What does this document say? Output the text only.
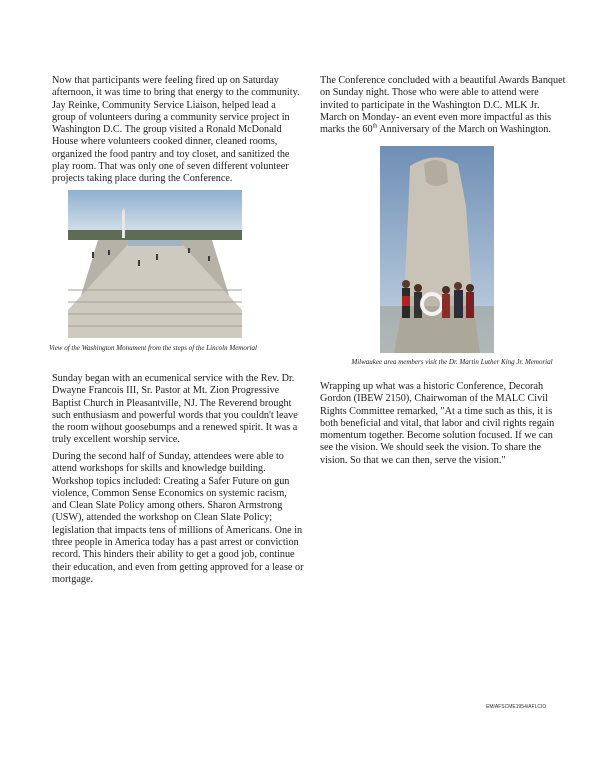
Now that participants were feeling fired up on Saturday afternoon, it was time to bring that energy to the community. Jay Reinke, Community Service Liaison, helped lead a group of volunteers during a community service project in Washington D.C. The group visited a Ronald McDonald House where volunteers cooked dinner, cleaned rooms, organized the food pantry and toy closet, and sanitized the play room. That was only one of seven different volunteer projects taking place during the Conference.

View of the Washington Monument from the steps of the Lincoln Memorial

Sunday began with an ecumenical service with the Rev. Dr. Dwayne Francois III, Sr. Pastor at Mt. Zion Progressive Baptist Church in Pleasantville, NJ. The Reverend brought such enthusiasm and powerful words that you couldn't leave the room without goosebumps and a renewed spirit. It was a truly excellent worship service.

During the second half of Sunday, attendees were able to attend workshops for skills and knowledge building. Workshop topics included: Creating a Safer Future on gun violence, Common Sense Economics on systemic racism, and Clean Slate Policy among others. Sharon Armstrong (USW), attended the workshop on Clean Slate Policy; legislation that impacts tens of millions of Americans. One in three people in America today has a past arrest or conviction record. This hinders their ability to get a good job, continue their education, and even from getting approved for a lease or mortgage.

The Conference concluded with a beautiful Awards Banquet on Sunday night. Those who were able to attend were invited to participate in the Washington D.C. MLK Jr. March on Monday- an event even more impactful as this marks the 60th Anniversary of the March on Washington.

Milwaukee area members visit the Dr. Martin Luther King Jr. Memorial

Wrapping up what was a historic Conference, Decorah Gordon (IBEW 2150), Chairwoman of the MALC Civil Rights Committee remarked, "At a time such as this, it is both beneficial and vital, that labor and civil rights regain momentum together. Become solution focused. If we can see the vision. We should seek the vision. To share the vision. So that we can then, serve the vision."

EM/AFSCME1954/AFLCIO
